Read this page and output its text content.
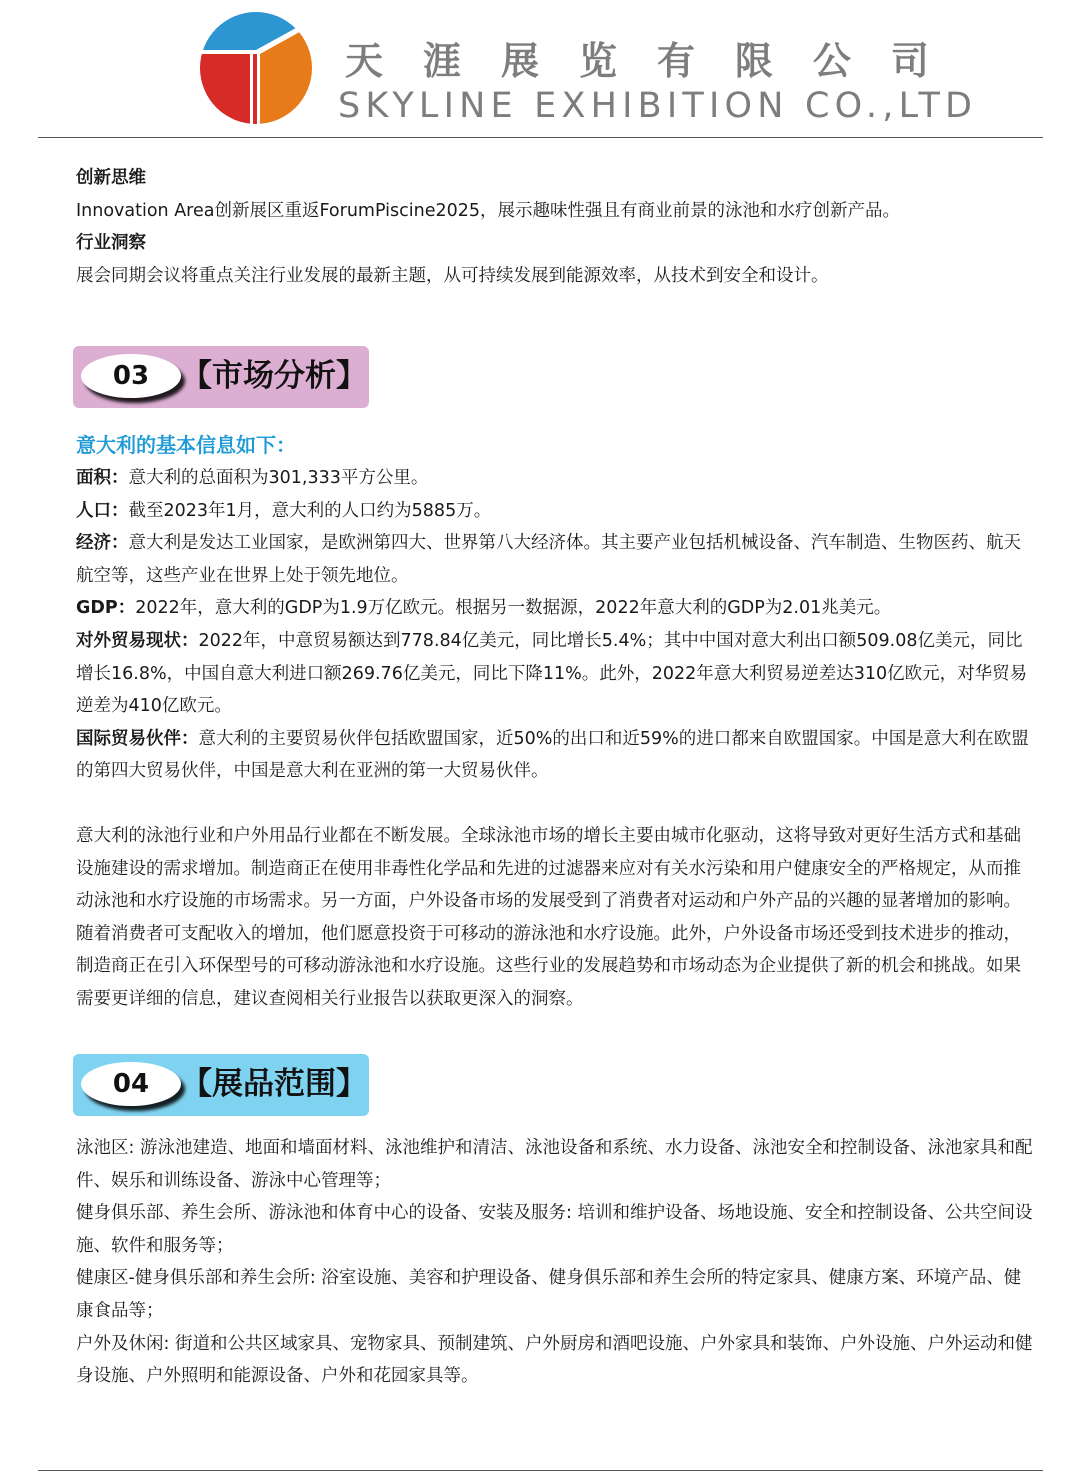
天 涯 展 览 有 限 公 司
SKYLINE EXHIBITION CO.,LTD

创新思维

Innovation Area创新展区重返ForumPiscine2025，展示趣味性强且有商业前景的泳池和水疗创新产品。

行业洞察

展会同期会议将重点关注行业发展的最新主题，从可持续发展到能源效率，从技术到安全和设计。

03	【市场分析】

意大利的基本信息如下：

面积：意大利的总面积为301,333平方公里。

人口：截至2023年1月，意大利的人口约为5885万。

经济：意大利是发达工业国家，是欧洲第四大、世界第八大经济体。其主要产业包括机械设备、汽车制造、生物医药、航天航空等，这些产业在世界上处于领先地位。

GDP：2022年，意大利的GDP为1.9万亿欧元。根据另一数据源，2022年意大利的GDP为2.01兆美元。

对外贸易现状：2022年，中意贸易额达到778.84亿美元，同比增长5.4%；其中中国对意大利出口额509.08亿美元，同比增长16.8%，中国自意大利进口额269.76亿美元，同比下降11%。此外，2022年意大利贸易逆差达310亿欧元，对华贸易逆差为410亿欧元。

国际贸易伙伴：意大利的主要贸易伙伴包括欧盟国家，近50%的出口和近59%的进口都来自欧盟国家。中国是意大利在欧盟的第四大贸易伙伴，中国是意大利在亚洲的第一大贸易伙伴。

意大利的泳池行业和户外用品行业都在不断发展。全球泳池市场的增长主要由城市化驱动，这将导致对更好生活方式和基础设施建设的需求增加。制造商正在使用非毒性化学品和先进的过滤器来应对有关水污染和用户健康安全的严格规定，从而推动泳池和水疗设施的市场需求。另一方面，户外设备市场的发展受到了消费者对运动和户外产品的兴趣的显著增加的影响。随着消费者可支配收入的增加，他们愿意投资于可移动的游泳池和水疗设施。此外，户外设备市场还受到技术进步的推动，制造商正在引入环保型号的可移动游泳池和水疗设施。这些行业的发展趋势和市场动态为企业提供了新的机会和挑战。如果需要更详细的信息，建议查阅相关行业报告以获取更深入的洞察。

04	【展品范围】

泳池区: 游泳池建造、地面和墙面材料、泳池维护和清洁、泳池设备和系统、水力设备、泳池安全和控制设备、泳池家具和配件、娱乐和训练设备、游泳中心管理等；

健身俱乐部、养生会所、游泳池和体育中心的设备、安装及服务: 培训和维护设备、场地设施、安全和控制设备、公共空间设施、软件和服务等；

健康区-健身俱乐部和养生会所: 浴室设施、美容和护理设备、健身俱乐部和养生会所的特定家具、健康方案、环境产品、健康食品等；

户外及休闲: 街道和公共区域家具、宠物家具、预制建筑、户外厨房和酒吧设施、户外家具和装饰、户外设施、户外运动和健身设施、户外照明和能源设备、户外和花园家具等。
